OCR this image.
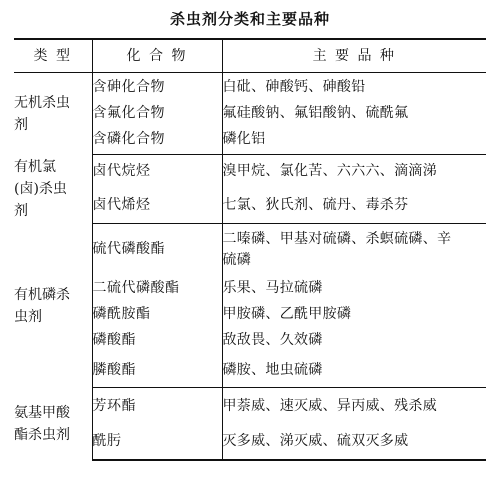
杀虫剂分类和主要品种
类 型	化 合 物	主 要 品 种

无机杀虫剂	含砷化合物	白砒、砷酸钙、砷酸铅
	含氟化合物	氟硅酸钠、氟铝酸钠、硫酰氟
	含磷化合物	磷化铝

有机氯(卤)杀虫剂	卤代烷烃	溴甲烷、氯化苦、六六六、滴滴涕
	卤代烯烃	七氯、狄氏剂、硫丹、毒杀芬

有机磷杀虫剂	硫代磷酸酯	二嗪磷、甲基对硫磷、杀螟硫磷、辛硫磷

	二硫代磷酸酯	乐果、马拉硫磷
	磷酰胺酯	甲胺磷、乙酰甲胺磷
	磷酸酯	敌敌畏、久效磷
	膦酸酯	磷胺、地虫硫磷

氨基甲酸酯杀虫剂	芳环酯	甲萘威、速灭威、异丙威、残杀威
	酰肟	灭多威、涕灭威、硫双灭多威
